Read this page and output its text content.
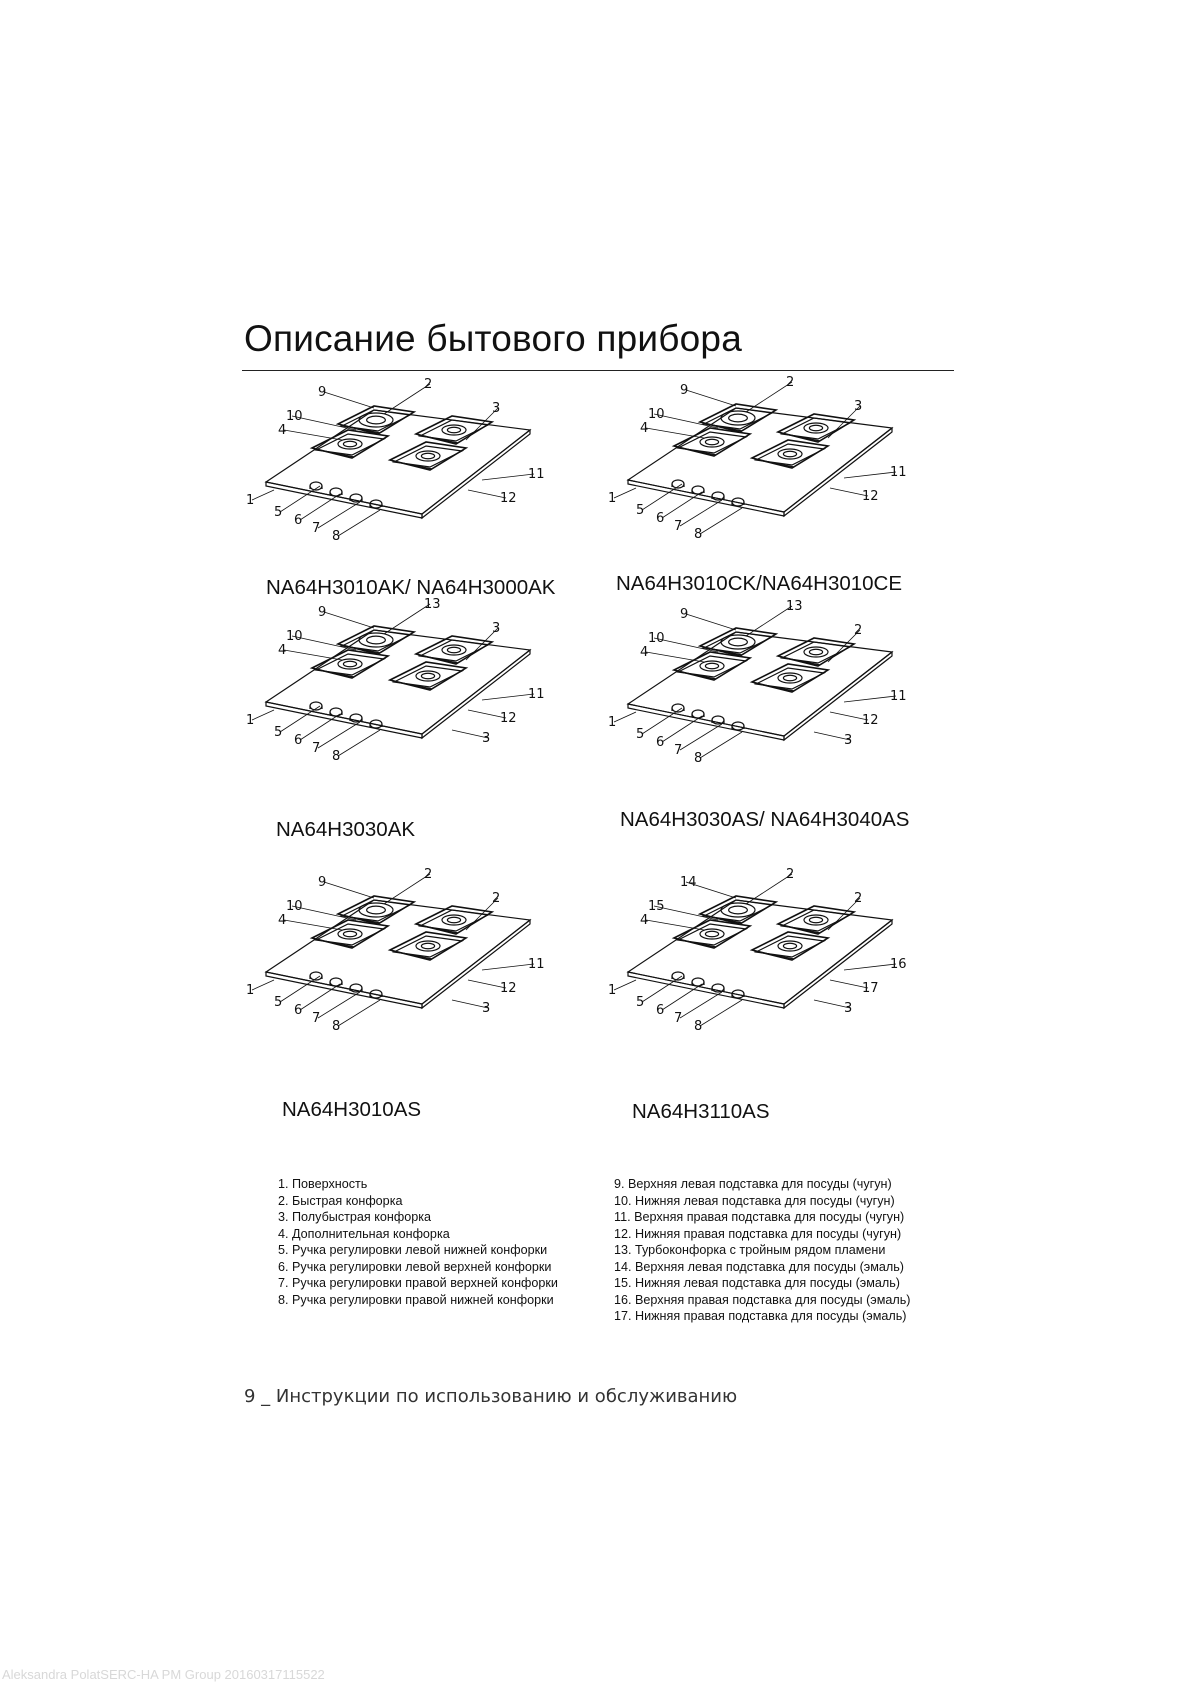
Описание бытового прибора
9
10
4
1
5
6
7
8
2
3
11
12
9
10
4
1
5
6
7
8
2
3
11
12
9
10
4
1
5
6
7
8
13
3
11
12
3
9
10
4
1
5
6
7
8
13
2
11
12
3
9
10
4
1
5
6
7
8
2
2
11
12
3
14
15
4
1
5
6
7
8
2
2
16
17
3
NA64H3010AK/ NA64H3000AK	NA64H3010CK/NA64H3010CE
NA64H3030AK	NA64H3030AS/ NA64H3040AS
NA64H3010AS	NA64H3110AS
1. Поверхность
2. Быстрая конфорка
3. Полубыстрая конфорка
4. Дополнительная конфорка
5. Ручка регулировки левой нижней конфорки
6. Ручка регулировки левой верхней конфорки
7. Ручка регулировки правой верхней конфорки
8. Ручка регулировки правой нижней конфорки
9. Верхняя левая подставка для посуды (чугун)
10. Нижняя левая подставка для посуды (чугун)
11. Верхняя правая подставка для посуды (чугун)
12. Нижняя правая подставка для посуды (чугун)
13. Турбоконфорка с тройным рядом пламени
14. Верхняя левая подставка для посуды (эмаль)
15. Нижняя левая подставка для посуды (эмаль)
16. Верхняя правая подставка для посуды (эмаль)
17. Нижняя правая подставка для посуды (эмаль)
9 _ Инструкции по использованию и обслуживанию
Aleksandra PolatSERC-HA PM Group 20160317115522
